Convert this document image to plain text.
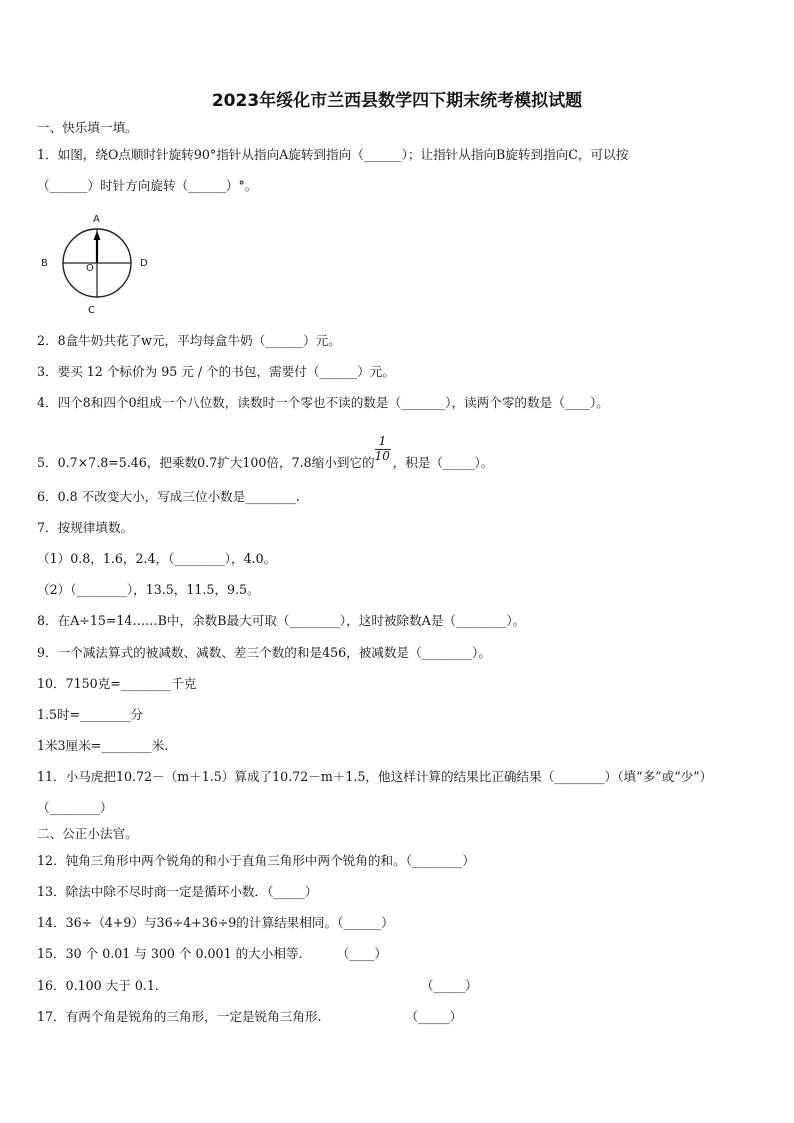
2023年绥化市兰西县数学四下期末统考模拟试题
一、快乐填一填。
1．如图，绕O点顺时针旋转90°指针从指向A旋转到指向（______）；让指针从指向B旋转到指向C，可以按
（______）时针方向旋转（______）°。
A
B	D
C
O
2．8盒牛奶共花了w元，平均每盒牛奶（______）元。
3．要买 12 个标价为 95 元 / 个的书包，需要付（______）元。
4．四个8和四个0组成一个八位数，读数时一个零也不读的数是（_______），读两个零的数是（____）。
5．0.7×7.8=5.46，把乘数0.7扩大100倍，7.8缩小到它的 $\frac{1}{10}$ ，积是（_____）。
6．0.8 不改变大小，写成三位小数是________.
7．按规律填数。
（1）0.8，1.6，2.4，（________），4.0。
（2）（________），13.5，11.5，9.5。
8．在A÷15=14……B中，余数B最大可取（________），这时被除数A是（________）。
9．一个减法算式的被减数、减数、差三个数的和是456，被减数是（________）。
10．7150克=________千克
1.5时=________分
1米3厘米=________米.
11．小马虎把10.72－（m＋1.5）算成了10.72－m＋1.5，他这样计算的结果比正确结果（________）（填“多”或“少”）
（________）
二、公正小法官。
12．钝角三角形中两个锐角的和小于直角三角形中两个锐角的和。（________）
13．除法中除不尽时商一定是循环小数．（_____）
14．36÷（4+9）与36÷4+36÷9的计算结果相同。（______）
15．30 个 0.01 与 300 个 0.001 的大小相等.	（____）
16．0.100 大于 0.1.	（_____）
17．有两个角是锐角的三角形，一定是锐角三角形.	（_____）
